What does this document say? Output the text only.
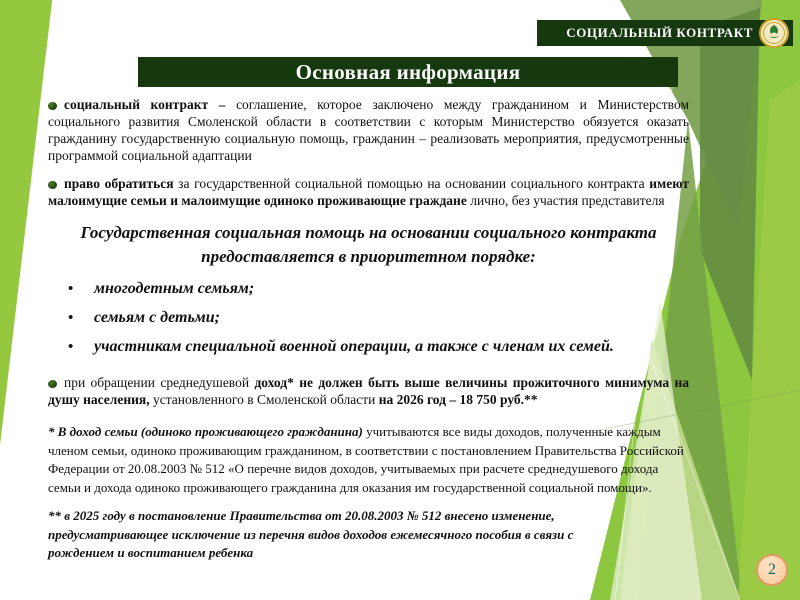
СОЦИАЛЬНЫЙ КОНТРАКТ
Основная информация

социальный контракт – соглашение, которое заключено между гражданином и Министерством социального развития Смоленской области в соответствии с которым Министерство обязуется оказать гражданину государственную социальную помощь, гражданин – реализовать мероприятия, предусмотренные программой социальной адаптации

право обратиться за государственной социальной помощью на основании социального контракта имеют малоимущие семьи и малоимущие одиноко проживающие граждане лично, без участия представителя

Государственная социальная помощь на основании социального контракта предоставляется в приоритетном порядке:

• многодетным семьям;
• семьям с детьми;
• участникам специальной военной операции, а также с членам их семей.

при обращении среднедушевой доход* не должен быть выше величины прожиточного минимума на душу населения, установленного в Смоленской области на 2026 год – 18 750 руб.**

* В доход семьи (одиноко проживающего гражданина) учитываются все виды доходов, полученные каждым членом семьи, одиноко проживающим гражданином, в соответствии с постановлением Правительства Российской Федерации от 20.08.2003 № 512 «О перечне видов доходов, учитываемых при расчете среднедушевого дохода семьи и дохода одиноко проживающего гражданина для оказания им государственной социальной помощи».

** в 2025 году в постановление Правительства от 20.08.2003 № 512 внесено изменение, предусматривающее исключение из перечня видов доходов ежемесячного пособия в связи с рождением и воспитанием ребенка

2
